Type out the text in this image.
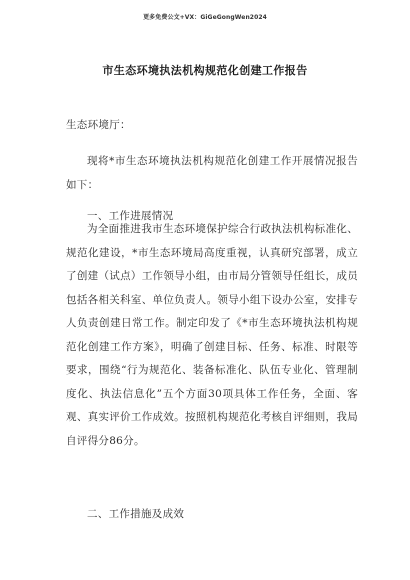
更多免费公文+VX：GiGeGongWen2024
市生态环境执法机构规范化创建工作报告
生态环境厅：
现将*市生态环境执法机构规范化创建工作开展情况报告如下：
一、工作进展情况

为全面推进我市生态环境保护综合行政执法机构标准化、规范化建设，*市生态环境局高度重视，认真研究部署，成立了创建（试点）工作领导小组，由市局分管领导任组长，成员包括各相关科室、单位负责人。领导小组下设办公室，安排专人负责创建日常工作。制定印发了《*市生态环境执法机构规范化创建工作方案》，明确了创建目标、任务、标准、时限等要求，围绕“行为规范化、装备标准化、队伍专业化、管理制度化、执法信息化”五个方面30项具体工作任务，全面、客观、真实评价工作成效。按照机构规范化考核自评细则，我局自评得分86分。

二、工作措施及成效
